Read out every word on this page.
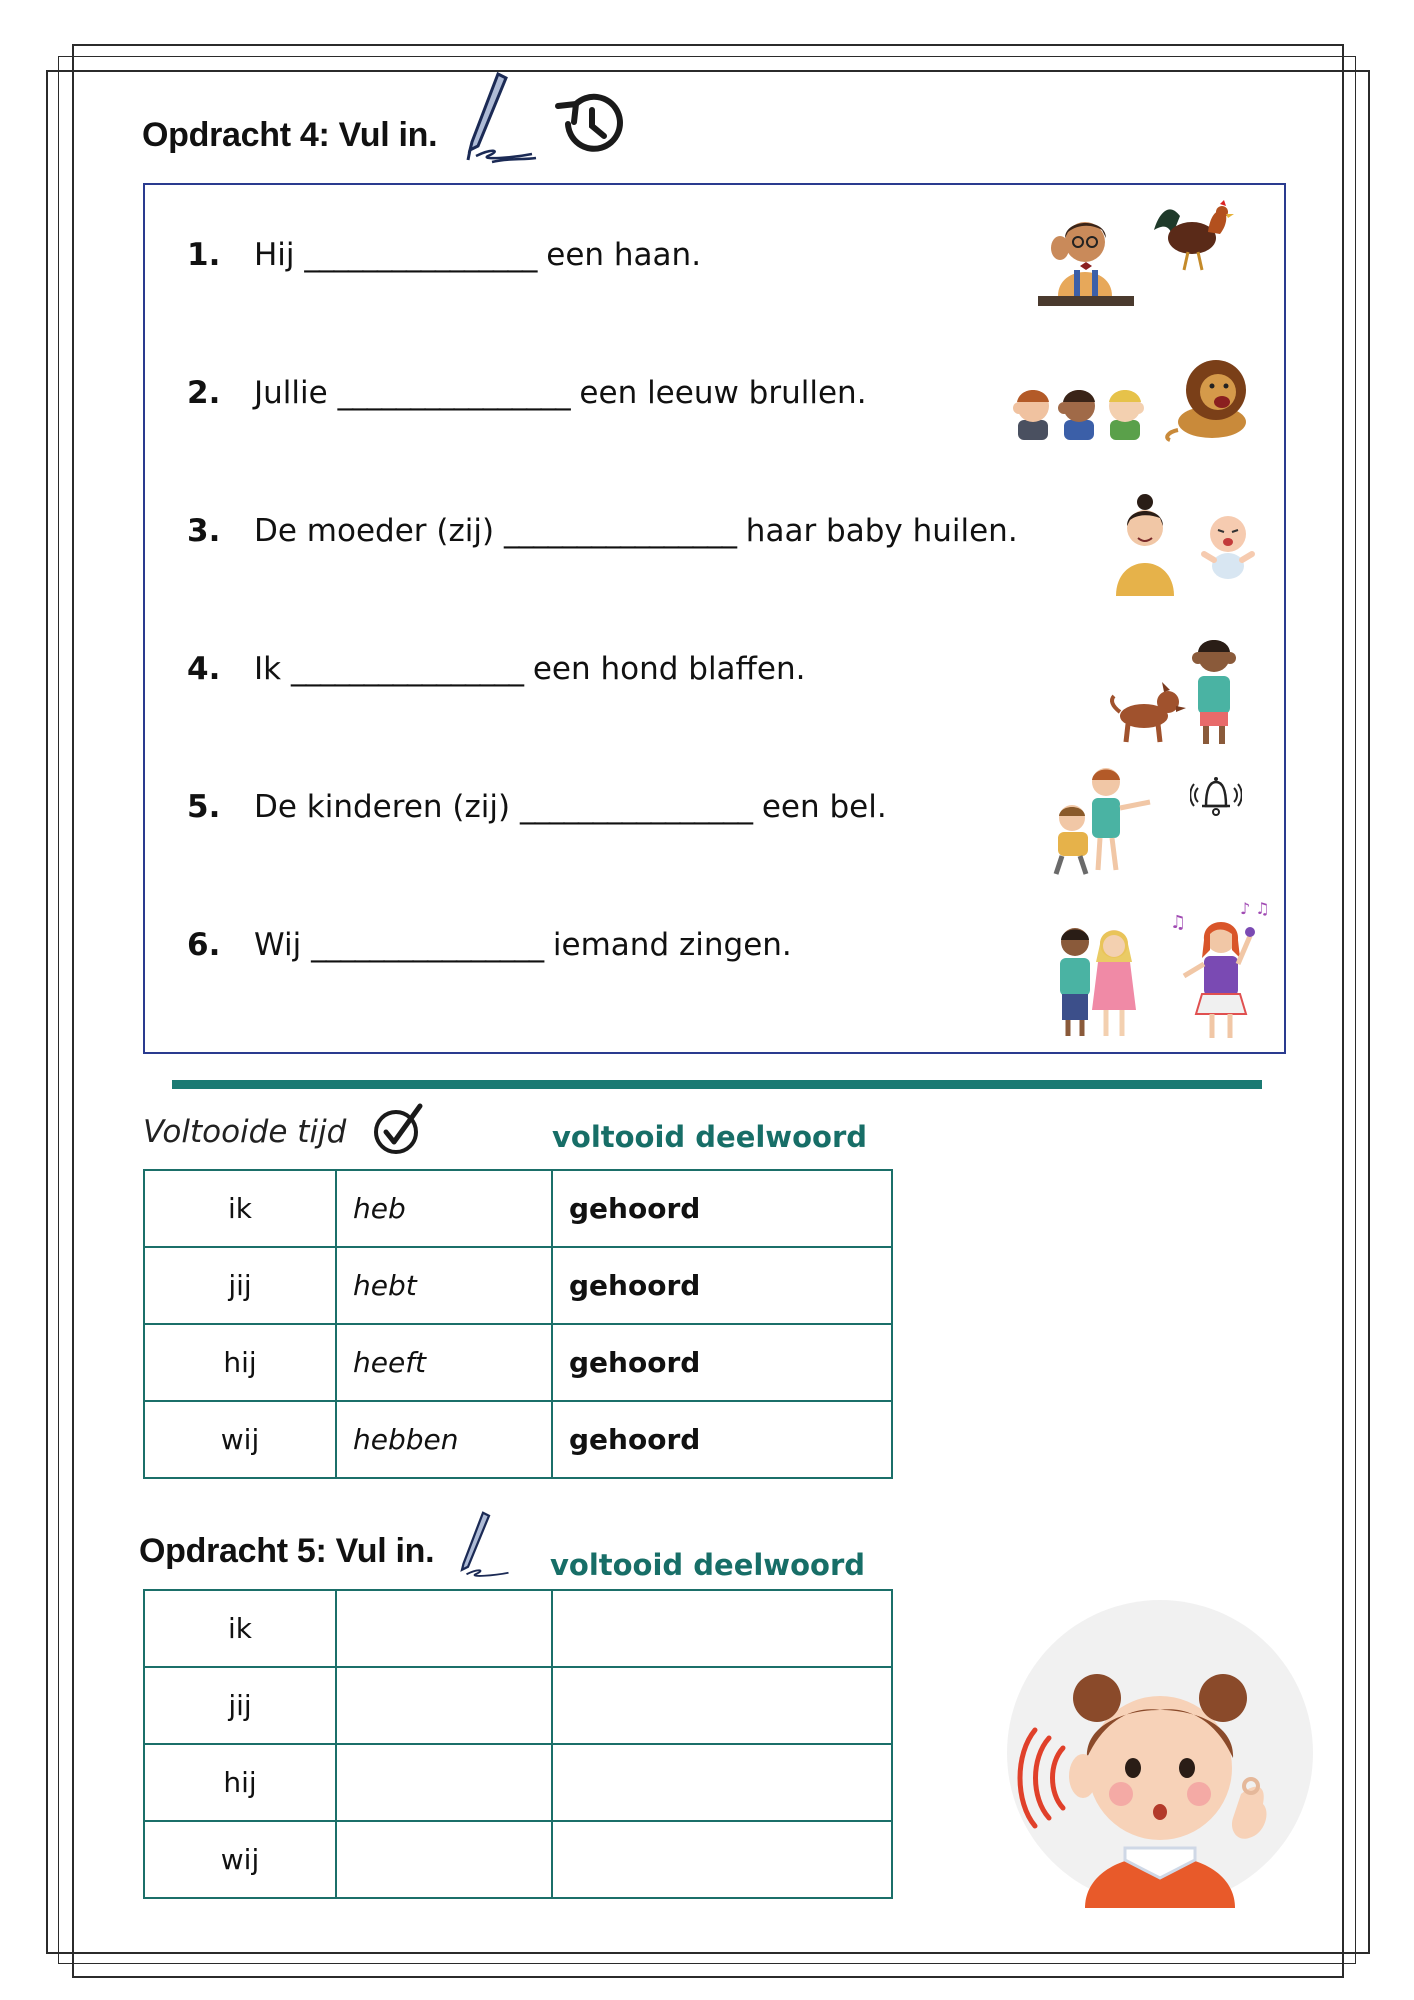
Opdracht 4: Vul in.
1.	Hij
________________
een haan.
2.	Jullie
________________
een leeuw brullen.
3.	De moeder (zij)
________________
haar baby huilen.
4.	Ik
________________
een hond blaffen.
5.	De kinderen (zij)
________________
een bel.
6.	Wij
________________
iemand zingen.
♫
♪ ♫
Voltooide tijd	voltooid deelwoord
ik	heb	gehoord
jij	hebt	gehoord
hij	heeft	gehoord
wij	hebben	gehoord
Opdracht 5: Vul in.	voltooid deelwoord
ik		
jij		
hij		
wij		
